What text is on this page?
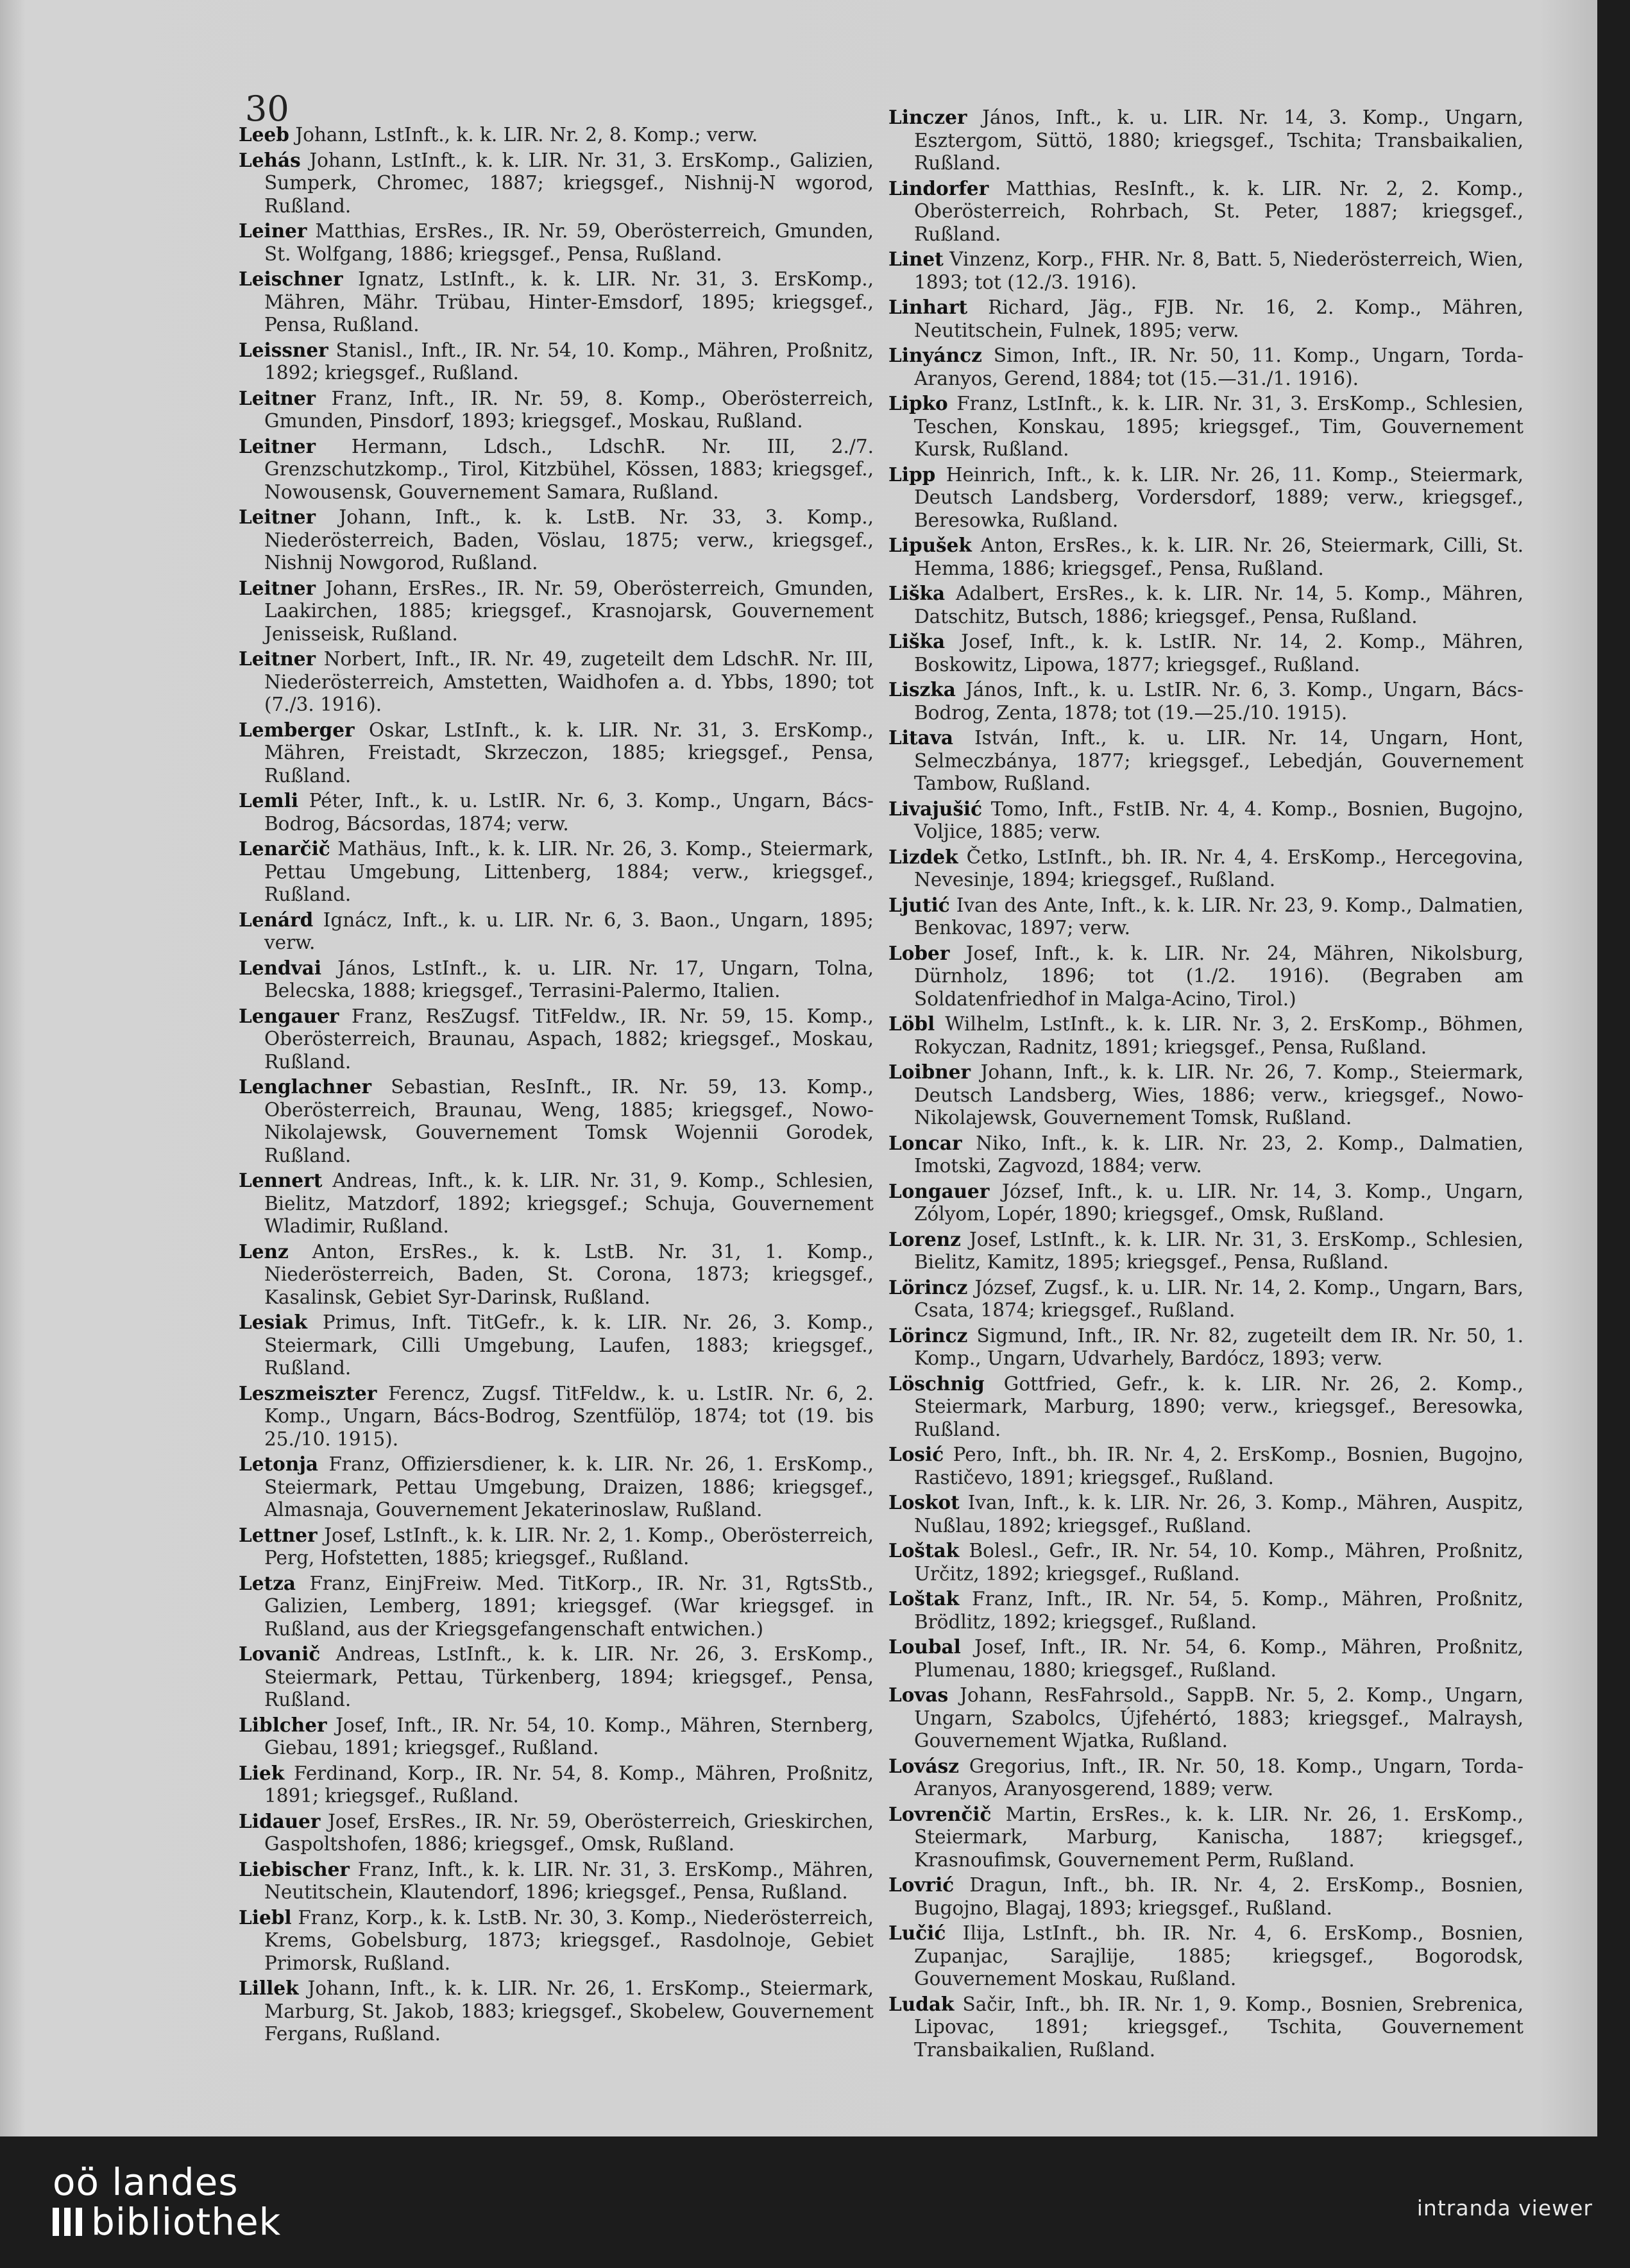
30
Leeb Johann, LstInft., k. k. LIR. Nr. 2, 8. Komp.; verw.
Lehás Johann, LstInft., k. k. LIR. Nr. 31, 3. ErsKomp., Galizien, Sumperk, Chromec, 1887; kriegsgef., Nishnij-N wgorod, Rußland.
Leiner Matthias, ErsRes., IR. Nr. 59, Oberösterreich, Gmunden, St. Wolfgang, 1886; kriegsgef., Pensa, Rußland.
Leischner Ignatz, LstInft., k. k. LIR. Nr. 31, 3. ErsKomp., Mähren, Mähr. Trübau, Hinter-Emsdorf, 1895; kriegsgef., Pensa, Rußland.
Leissner Stanisl., Inft., IR. Nr. 54, 10. Komp., Mähren, Proßnitz, 1892; kriegsgef., Rußland.
Leitner Franz, Inft., IR. Nr. 59, 8. Komp., Oberösterreich, Gmunden, Pinsdorf, 1893; kriegsgef., Moskau, Rußland.
Leitner Hermann, Ldsch., LdschR. Nr. III, 2./7. Grenzschutzkomp., Tirol, Kitzbühel, Kössen, 1883; kriegsgef., Nowousensk, Gouvernement Samara, Rußland.
Leitner Johann, Inft., k. k. LstB. Nr. 33, 3. Komp., Niederösterreich, Baden, Vöslau, 1875; verw., kriegsgef., Nishnij Nowgorod, Rußland.
Leitner Johann, ErsRes., IR. Nr. 59, Oberösterreich, Gmunden, Laakirchen, 1885; kriegsgef., Krasnojarsk, Gouvernement Jenisseisk, Rußland.
Leitner Norbert, Inft., IR. Nr. 49, zugeteilt dem LdschR. Nr. III, Niederösterreich, Amstetten, Waidhofen a. d. Ybbs, 1890; tot (7./3. 1916).
Lemberger Oskar, LstInft., k. k. LIR. Nr. 31, 3. ErsKomp., Mähren, Freistadt, Skrzeczon, 1885; kriegsgef., Pensa, Rußland.
Lemli Péter, Inft., k. u. LstIR. Nr. 6, 3. Komp., Ungarn, Bács-Bodrog, Bácsordas, 1874; verw.
Lenarčič Mathäus, Inft., k. k. LIR. Nr. 26, 3. Komp., Steiermark, Pettau Umgebung, Littenberg, 1884; verw., kriegsgef., Rußland.
Lenárd Ignácz, Inft., k. u. LIR. Nr. 6, 3. Baon., Ungarn, 1895; verw.
Lendvai János, LstInft., k. u. LIR. Nr. 17, Ungarn, Tolna, Belecska, 1888; kriegsgef., Terrasini-Palermo, Italien.
Lengauer Franz, ResZugsf. TitFeldw., IR. Nr. 59, 15. Komp., Oberösterreich, Braunau, Aspach, 1882; kriegsgef., Moskau, Rußland.
Lenglachner Sebastian, ResInft., IR. Nr. 59, 13. Komp., Oberösterreich, Braunau, Weng, 1885; kriegsgef., Nowo-Nikolajewsk, Gouvernement Tomsk Wojennii Gorodek, Rußland.
Lennert Andreas, Inft., k. k. LIR. Nr. 31, 9. Komp., Schlesien, Bielitz, Matzdorf, 1892; kriegsgef.; Schuja, Gouvernement Wladimir, Rußland.
Lenz Anton, ErsRes., k. k. LstB. Nr. 31, 1. Komp., Niederösterreich, Baden, St. Corona, 1873; kriegsgef., Kasalinsk, Gebiet Syr-Darinsk, Rußland.
Lesiak Primus, Inft. TitGefr., k. k. LIR. Nr. 26, 3. Komp., Steiermark, Cilli Umgebung, Laufen, 1883; kriegsgef., Rußland.
Leszmeiszter Ferencz, Zugsf. TitFeldw., k. u. LstIR. Nr. 6, 2. Komp., Ungarn, Bács-Bodrog, Szentfülöp, 1874; tot (19. bis 25./10. 1915).
Letonja Franz, Offiziersdiener, k. k. LIR. Nr. 26, 1. ErsKomp., Steiermark, Pettau Umgebung, Draizen, 1886; kriegsgef., Almasnaja, Gouvernement Jekaterinoslaw, Rußland.
Lettner Josef, LstInft., k. k. LIR. Nr. 2, 1. Komp., Oberösterreich, Perg, Hofstetten, 1885; kriegsgef., Rußland.
Letza Franz, EinjFreiw. Med. TitKorp., IR. Nr. 31, RgtsStb., Galizien, Lemberg, 1891; kriegsgef. (War kriegsgef. in Rußland, aus der Kriegsgefangenschaft entwichen.)
Lovanič Andreas, LstInft., k. k. LIR. Nr. 26, 3. ErsKomp., Steiermark, Pettau, Türkenberg, 1894; kriegsgef., Pensa, Rußland.
Liblcher Josef, Inft., IR. Nr. 54, 10. Komp., Mähren, Sternberg, Giebau, 1891; kriegsgef., Rußland.
Liek Ferdinand, Korp., IR. Nr. 54, 8. Komp., Mähren, Proßnitz, 1891; kriegsgef., Rußland.
Lidauer Josef, ErsRes., IR. Nr. 59, Oberösterreich, Grieskirchen, Gaspoltshofen, 1886; kriegsgef., Omsk, Rußland.
Liebischer Franz, Inft., k. k. LIR. Nr. 31, 3. ErsKomp., Mähren, Neutitschein, Klautendorf, 1896; kriegsgef., Pensa, Rußland.
Liebl Franz, Korp., k. k. LstB. Nr. 30, 3. Komp., Niederösterreich, Krems, Gobelsburg, 1873; kriegsgef., Rasdolnoje, Gebiet Primorsk, Rußland.
Lillek Johann, Inft., k. k. LIR. Nr. 26, 1. ErsKomp., Steiermark, Marburg, St. Jakob, 1883; kriegsgef., Skobelew, Gouvernement Fergans, Rußland.
Linczer János, Inft., k. u. LIR. Nr. 14, 3. Komp., Ungarn, Esztergom, Süttö, 1880; kriegsgef., Tschita; Transbaikalien, Rußland.
Lindorfer Matthias, ResInft., k. k. LIR. Nr. 2, 2. Komp., Oberösterreich, Rohrbach, St. Peter, 1887; kriegsgef., Rußland.
Linet Vinzenz, Korp., FHR. Nr. 8, Batt. 5, Niederösterreich, Wien, 1893; tot (12./3. 1916).
Linhart Richard, Jäg., FJB. Nr. 16, 2. Komp., Mähren, Neutitschein, Fulnek, 1895; verw.
Linyáncz Simon, Inft., IR. Nr. 50, 11. Komp., Ungarn, Torda-Aranyos, Gerend, 1884; tot (15.—31./1. 1916).
Lipko Franz, LstInft., k. k. LIR. Nr. 31, 3. ErsKomp., Schlesien, Teschen, Konskau, 1895; kriegsgef., Tim, Gouvernement Kursk, Rußland.
Lipp Heinrich, Inft., k. k. LIR. Nr. 26, 11. Komp., Steiermark, Deutsch Landsberg, Vordersdorf, 1889; verw., kriegsgef., Beresowka, Rußland.
Lipušek Anton, ErsRes., k. k. LIR. Nr. 26, Steiermark, Cilli, St. Hemma, 1886; kriegsgef., Pensa, Rußland.
Liška Adalbert, ErsRes., k. k. LIR. Nr. 14, 5. Komp., Mähren, Datschitz, Butsch, 1886; kriegsgef., Pensa, Rußland.
Liška Josef, Inft., k. k. LstIR. Nr. 14, 2. Komp., Mähren, Boskowitz, Lipowa, 1877; kriegsgef., Rußland.
Liszka János, Inft., k. u. LstIR. Nr. 6, 3. Komp., Ungarn, Bács-Bodrog, Zenta, 1878; tot (19.—25./10. 1915).
Litava István, Inft., k. u. LIR. Nr. 14, Ungarn, Hont, Selmeczbánya, 1877; kriegsgef., Lebedján, Gouvernement Tambow, Rußland.
Livajušić Tomo, Inft., FstIB. Nr. 4, 4. Komp., Bosnien, Bugojno, Voljice, 1885; verw.
Lizdek Četko, LstInft., bh. IR. Nr. 4, 4. ErsKomp., Hercegovina, Nevesinje, 1894; kriegsgef., Rußland.
Ljutić Ivan des Ante, Inft., k. k. LIR. Nr. 23, 9. Komp., Dalmatien, Benkovac, 1897; verw.
Lober Josef, Inft., k. k. LIR. Nr. 24, Mähren, Nikolsburg, Dürnholz, 1896; tot (1./2. 1916). (Begraben am Soldatenfriedhof in Malga-Acino, Tirol.)
Löbl Wilhelm, LstInft., k. k. LIR. Nr. 3, 2. ErsKomp., Böhmen, Rokyczan, Radnitz, 1891; kriegsgef., Pensa, Rußland.
Loibner Johann, Inft., k. k. LIR. Nr. 26, 7. Komp., Steiermark, Deutsch Landsberg, Wies, 1886; verw., kriegsgef., Nowo-Nikolajewsk, Gouvernement Tomsk, Rußland.
Loncar Niko, Inft., k. k. LIR. Nr. 23, 2. Komp., Dalmatien, Imotski, Zagvozd, 1884; verw.
Longauer József, Inft., k. u. LIR. Nr. 14, 3. Komp., Ungarn, Zólyom, Lopér, 1890; kriegsgef., Omsk, Rußland.
Lorenz Josef, LstInft., k. k. LIR. Nr. 31, 3. ErsKomp., Schlesien, Bielitz, Kamitz, 1895; kriegsgef., Pensa, Rußland.
Lörincz József, Zugsf., k. u. LIR. Nr. 14, 2. Komp., Ungarn, Bars, Csata, 1874; kriegsgef., Rußland.
Lörincz Sigmund, Inft., IR. Nr. 82, zugeteilt dem IR. Nr. 50, 1. Komp., Ungarn, Udvarhely, Bardócz, 1893; verw.
Löschnig Gottfried, Gefr., k. k. LIR. Nr. 26, 2. Komp., Steiermark, Marburg, 1890; verw., kriegsgef., Beresowka, Rußland.
Losić Pero, Inft., bh. IR. Nr. 4, 2. ErsKomp., Bosnien, Bugojno, Rastičevo, 1891; kriegsgef., Rußland.
Loskot Ivan, Inft., k. k. LIR. Nr. 26, 3. Komp., Mähren, Auspitz, Nußlau, 1892; kriegsgef., Rußland.
Loštak Bolesl., Gefr., IR. Nr. 54, 10. Komp., Mähren, Proßnitz, Určitz, 1892; kriegsgef., Rußland.
Loštak Franz, Inft., IR. Nr. 54, 5. Komp., Mähren, Proßnitz, Brödlitz, 1892; kriegsgef., Rußland.
Loubal Josef, Inft., IR. Nr. 54, 6. Komp., Mähren, Proßnitz, Plumenau, 1880; kriegsgef., Rußland.
Lovas Johann, ResFahrsold., SappB. Nr. 5, 2. Komp., Ungarn, Ungarn, Szabolcs, Újfehértó, 1883; kriegsgef., Malraysh, Gouvernement Wjatka, Rußland.
Lovász Gregorius, Inft., IR. Nr. 50, 18. Komp., Ungarn, Torda-Aranyos, Aranyosgerend, 1889; verw.
Lovrenčič Martin, ErsRes., k. k. LIR. Nr. 26, 1. ErsKomp., Steiermark, Marburg, Kanischa, 1887; kriegsgef., Krasnoufimsk, Gouvernement Perm, Rußland.
Lovrić Dragun, Inft., bh. IR. Nr. 4, 2. ErsKomp., Bosnien, Bugojno, Blagaj, 1893; kriegsgef., Rußland.
Lučić Ilija, LstInft., bh. IR. Nr. 4, 6. ErsKomp., Bosnien, Zupanjac, Sarajlije, 1885; kriegsgef., Bogorodsk, Gouvernement Moskau, Rußland.
Ludak Sačir, Inft., bh. IR. Nr. 1, 9. Komp., Bosnien, Srebrenica, Lipovac, 1891; kriegsgef., Tschita, Gouvernement Transbaikalien, Rußland.
oö landes
bibliothek	intranda viewer
